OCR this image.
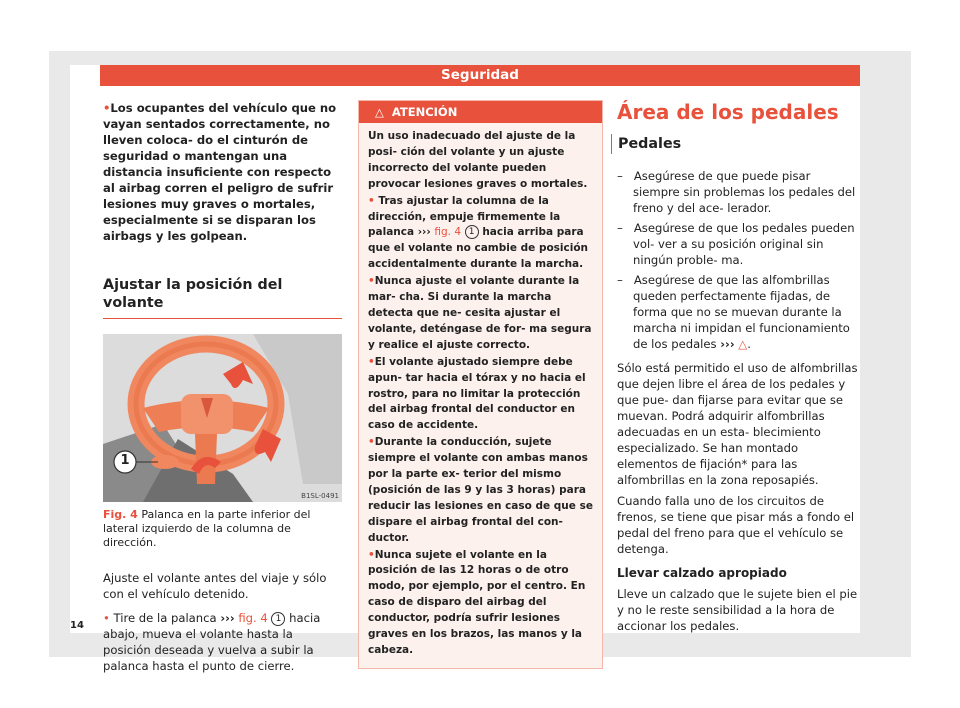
Seguridad

• Los ocupantes del vehículo que no vayan sentados correctamente, no lleven coloca- do el cinturón de seguridad o mantengan una distancia insuficiente con respecto al airbag corren el peligro de sufrir lesiones muy graves o mortales, especialmente si se disparan los airbags y les golpean.

Ajustar la posición del volante
1
B1SL-0491

Fig. 4 Palanca en la parte inferior del lateral izquierdo de la columna de dirección.

Ajuste el volante antes del viaje y sólo con el vehículo detenido.

• Tire de la palanca ››› fig. 4 1 hacia abajo, mueva el volante hasta la posición deseada y vuelva a subir la palanca hasta el punto de cierre.

△ ATENCIÓN

Un uso inadecuado del ajuste de la posi- ción del volante y un ajuste incorrecto del volante pueden provocar lesiones graves o mortales.

• Tras ajustar la columna de la dirección, empuje firmemente la palanca ››› fig. 4 1 hacia arriba para que el volante no cambie de posición accidentalmente durante la marcha.

• Nunca ajuste el volante durante la mar- cha. Si durante la marcha detecta que ne- cesita ajustar el volante, deténgase de for- ma segura y realice el ajuste correcto.

• El volante ajustado siempre debe apun- tar hacia el tórax y no hacia el rostro, para no limitar la protección del airbag frontal del conductor en caso de accidente.

• Durante la conducción, sujete siempre el volante con ambas manos por la parte ex- terior del mismo (posición de las 9 y las 3 horas) para reducir las lesiones en caso de que se dispare el airbag frontal del con- ductor.

• Nunca sujete el volante en la posición de las 12 horas o de otro modo, por ejemplo, por el centro. En caso de disparo del airbag del conductor, podría sufrir lesiones graves en los brazos, las manos y la cabeza.

Área de los pedales
Pedales

–   Asegúrese de que puede pisar siempre sin problemas los pedales del freno y del ace- lerador.

–   Asegúrese de que los pedales pueden vol- ver a su posición original sin ningún proble- ma.

–   Asegúrese de que las alfombrillas queden perfectamente fijadas, de forma que no se muevan durante la marcha ni impidan el funcionamiento de los pedales ››› △.

Sólo está permitido el uso de alfombrillas que dejen libre el área de los pedales y que pue- dan fijarse para evitar que se muevan. Podrá adquirir alfombrillas adecuadas en un esta- blecimiento especializado. Se han montado elementos de fijación* para las alfombrillas en la zona reposapiés.

Cuando falla uno de los circuitos de frenos, se tiene que pisar más a fondo el pedal del freno para que el vehículo se detenga.

Llevar calzado apropiado

Lleve un calzado que le sujete bien el pie y no le reste sensibilidad a la hora de accionar los pedales.

14
